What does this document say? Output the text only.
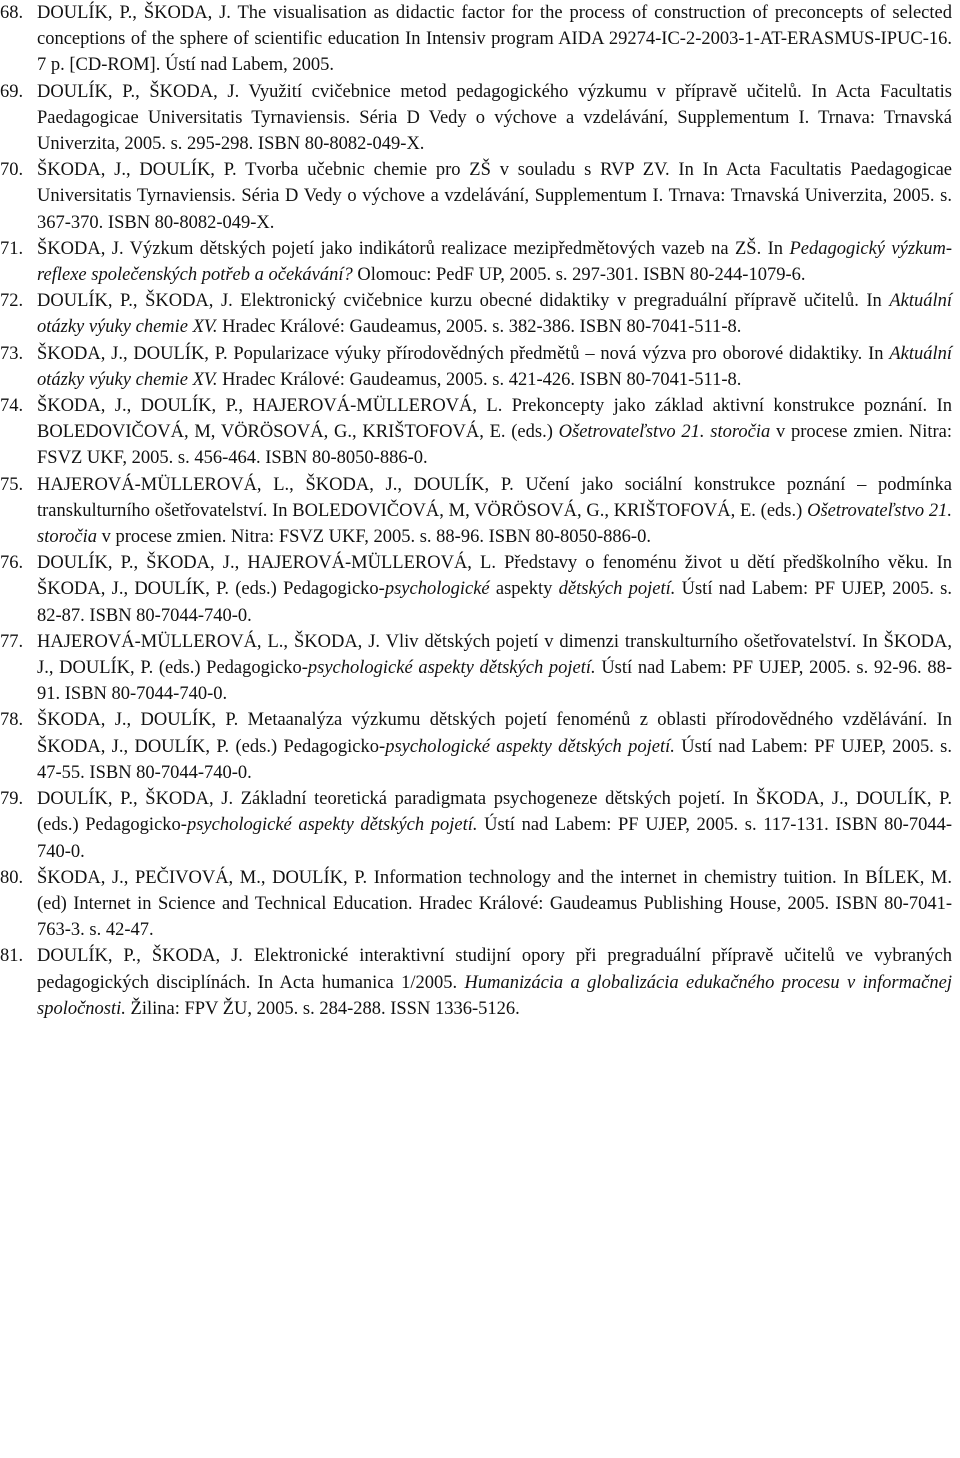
68. DOULÍK, P., ŠKODA, J. The visualisation as didactic factor for the process of construction of preconcepts of selected conceptions of the sphere of scientific education In Intensiv program AIDA 29274-IC-2-2003-1-AT-ERASMUS-IPUC-16. 7 p. [CD-ROM]. Ústí nad Labem, 2005.
69. DOULÍK, P., ŠKODA, J. Využití cvičebnice metod pedagogického výzkumu v přípravě učitelů. In Acta Facultatis Paedagogicae Universitatis Tyrnaviensis. Séria D Vedy o výchove a vzdelávání, Supplementum I. Trnava: Trnavská Univerzita, 2005. s. 295-298. ISBN 80-8082-049-X.
70. ŠKODA, J., DOULÍK, P. Tvorba učebnic chemie pro ZŠ v souladu s RVP ZV. In In Acta Facultatis Paedagogicae Universitatis Tyrnaviensis. Séria D Vedy o výchove a vzdelávání, Supplementum I. Trnava: Trnavská Univerzita, 2005. s. 367-370. ISBN 80-8082-049-X.
71. ŠKODA, J. Výzkum dětských pojetí jako indikátorů realizace mezipředmětových vazeb na ZŠ. In Pedagogický výzkum-reflexe společenských potřeb a očekávání? Olomouc: PedF UP, 2005. s. 297-301. ISBN 80-244-1079-6.
72. DOULÍK, P., ŠKODA, J. Elektronický cvičebnice kurzu obecné didaktiky v pregraduální přípravě učitelů. In Aktuální otázky výuky chemie XV. Hradec Králové: Gaudeamus, 2005. s. 382-386. ISBN 80-7041-511-8.
73. ŠKODA, J., DOULÍK, P. Popularizace výuky přírodovědných předmětů – nová výzva pro oborové didaktiky. In Aktuální otázky výuky chemie XV. Hradec Králové: Gaudeamus, 2005. s. 421-426. ISBN 80-7041-511-8.
74. ŠKODA, J., DOULÍK, P., HAJEROVÁ-MÜLLEROVÁ, L. Prekoncepty jako základ aktivní konstrukce poznání. In BOLEDOVIČOVÁ, M, VÖRÖSOVÁ, G., KRIŠTOFOVÁ, E. (eds.) Ošetrovateľstvo 21. storočia v procese zmien. Nitra: FSVZ UKF, 2005. s. 456-464. ISBN 80-8050-886-0.
75. HAJEROVÁ-MÜLLEROVÁ, L., ŠKODA, J., DOULÍK, P. Učení jako sociální konstrukce poznání – podmínka transkulturního ošetřovatelství. In BOLEDOVIČOVÁ, M, VÖRÖSOVÁ, G., KRIŠTOFOVÁ, E. (eds.) Ošetrovateľstvo 21. storočia v procese zmien. Nitra: FSVZ UKF, 2005. s. 88-96. ISBN 80-8050-886-0.
76. DOULÍK, P., ŠKODA, J., HAJEROVÁ-MÜLLEROVÁ, L. Představy o fenoménu život u dětí předškolního věku. In ŠKODA, J., DOULÍK, P. (eds.) Pedagogicko-psychologické aspekty dětských pojetí. Ústí nad Labem: PF UJEP, 2005. s. 82-87. ISBN 80-7044-740-0.
77. HAJEROVÁ-MÜLLEROVÁ, L., ŠKODA, J. Vliv dětských pojetí v dimenzi transkulturního ošetřovatelství. In ŠKODA, J., DOULÍK, P. (eds.) Pedagogicko-psychologické aspekty dětských pojetí. Ústí nad Labem: PF UJEP, 2005. s. 92-96. 88-91. ISBN 80-7044-740-0.
78. ŠKODA, J., DOULÍK, P. Metaanalýza výzkumu dětských pojetí fenoménů z oblasti přírodovědného vzdělávání. In ŠKODA, J., DOULÍK, P. (eds.) Pedagogicko-psychologické aspekty dětských pojetí. Ústí nad Labem: PF UJEP, 2005. s. 47-55. ISBN 80-7044-740-0.
79. DOULÍK, P., ŠKODA, J. Základní teoretická paradigmata psychogeneze dětských pojetí. In ŠKODA, J., DOULÍK, P. (eds.) Pedagogicko-psychologické aspekty dětských pojetí. Ústí nad Labem: PF UJEP, 2005. s. 117-131. ISBN 80-7044-740-0.
80. ŠKODA, J., PEČIVOVÁ, M., DOULÍK, P. Information technology and the internet in chemistry tuition. In BÍLEK, M. (ed) Internet in Science and Technical Education. Hradec Králové: Gaudeamus Publishing House, 2005. ISBN 80-7041-763-3. s. 42-47.
81. DOULÍK, P., ŠKODA, J. Elektronické interaktivní studijní opory při pregraduální přípravě učitelů ve vybraných pedagogických disciplínách. In Acta humanica 1/2005. Humanizácia a globalizácia edukačného procesu v informačnej spoločnosti. Žilina: FPV ŽU, 2005. s. 284-288. ISSN 1336-5126.
